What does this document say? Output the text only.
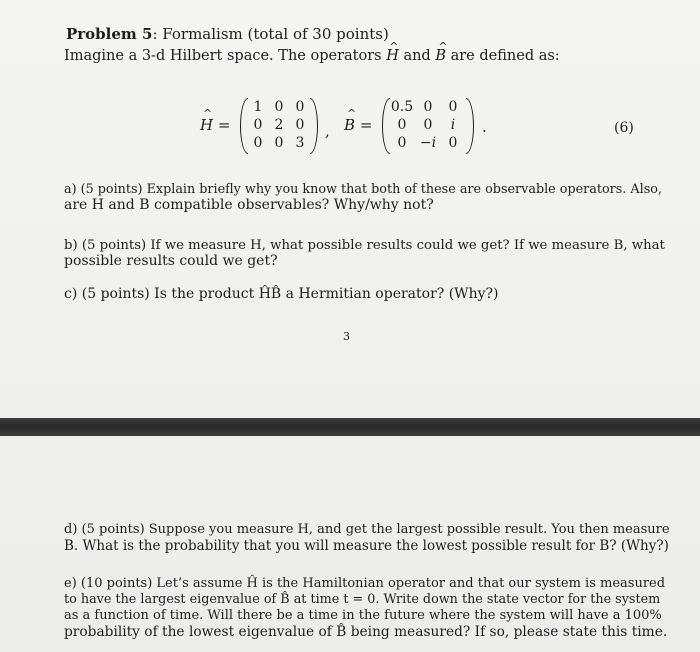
Problem 5: Formalism (total of 30 points)
Imagine a 3-d Hilbert space. The operators ^ H and ^ B are defined as:
^ H =
1 0 0
0 2 0
0 0 3
,
^ B =
0.5 0	0
0	0	i
0 −i 0
.	(6)
a) (5 points) Explain briefly why you know that both of these are observable operators. Also,
are H and B compatible observables? Why/why not?
b) (5 points) If we measure H, what possible results could we get? If we measure B, what
possible results could we get?
c) (5 points) Is the product ĤB̂ a Hermitian operator? (Why?)
3
d) (5 points) Suppose you measure H, and get the largest possible result. You then measure
B. What is the probability that you will measure the lowest possible result for B? (Why?)
e) (10 points) Let’s assume Ĥ is the Hamiltonian operator and that our system is measured
to have the largest eigenvalue of B̂ at time t = 0. Write down the state vector for the system
as a function of time. Will there be a time in the future where the system will have a 100%
probability of the lowest eigenvalue of B̂ being measured? If so, please state this time.
